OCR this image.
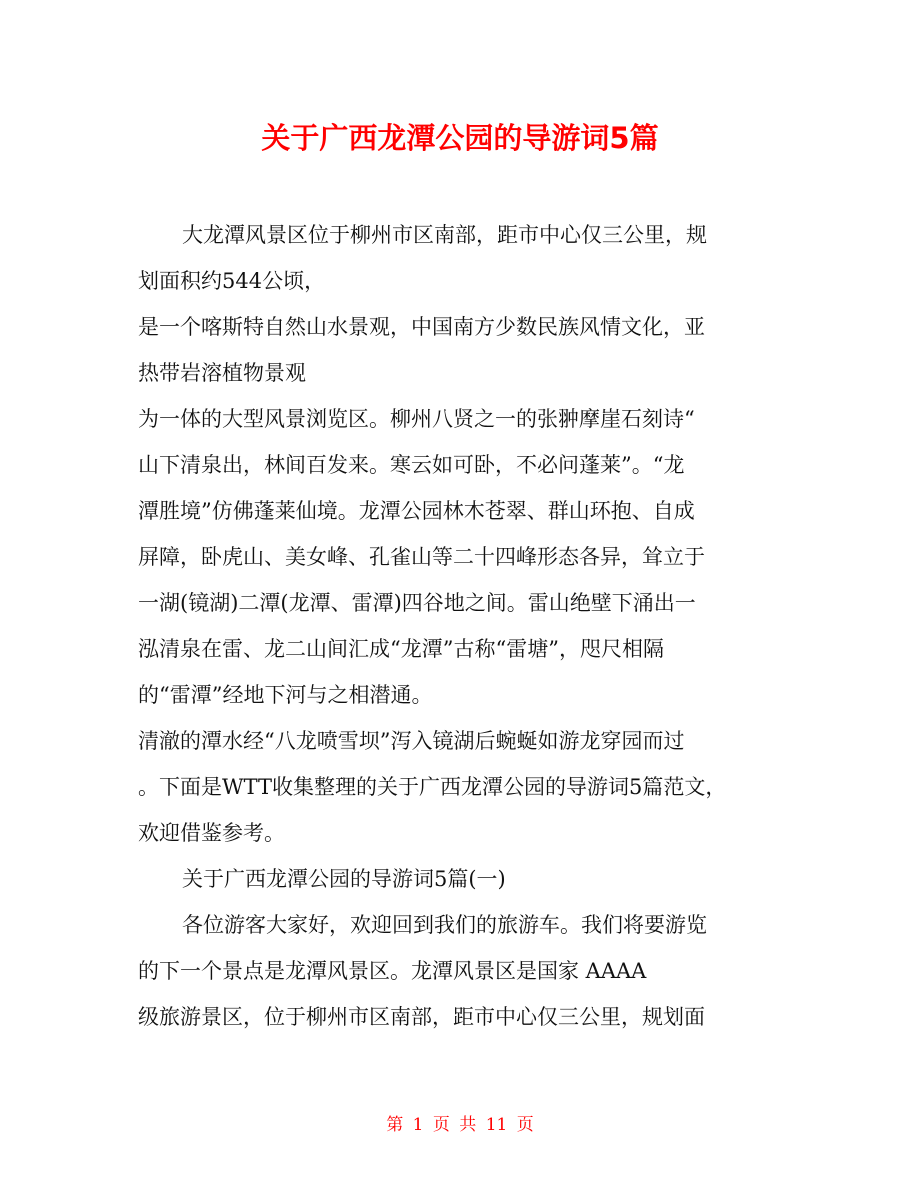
关于广西龙潭公园的导游词5篇
大龙潭风景区位于柳州市区南部，距市中心仅三公里，规
划面积约544公顷，
是一个喀斯特自然山水景观，中国南方少数民族风情文化，亚
热带岩溶植物景观
为一体的大型风景浏览区。柳州八贤之一的张翀摩崖石刻诗“
山下清泉出，林间百发来。寒云如可卧，不必问蓬莱”。“龙
潭胜境”仿佛蓬莱仙境。龙潭公园林木苍翠、群山环抱、自成
屏障，卧虎山、美女峰、孔雀山等二十四峰形态各异，耸立于
一湖(镜湖)二潭(龙潭、雷潭)四谷地之间。雷山绝壁下涌出一
泓清泉在雷、龙二山间汇成“龙潭”古称“雷塘”，咫尺相隔
的“雷潭”经地下河与之相潜通。
清澈的潭水经“八龙喷雪坝”泻入镜湖后蜿蜒如游龙穿园而过
。下面是WTT收集整理的关于广西龙潭公园的导游词5篇范文，
欢迎借鉴参考。
关于广西龙潭公园的导游词5篇(一)
各位游客大家好，欢迎回到我们的旅游车。我们将要游览
的下一个景点是龙潭风景区。龙潭风景区是国家 AAAA
级旅游景区，位于柳州市区南部，距市中心仅三公里，规划面
第 1 页 共 11 页
